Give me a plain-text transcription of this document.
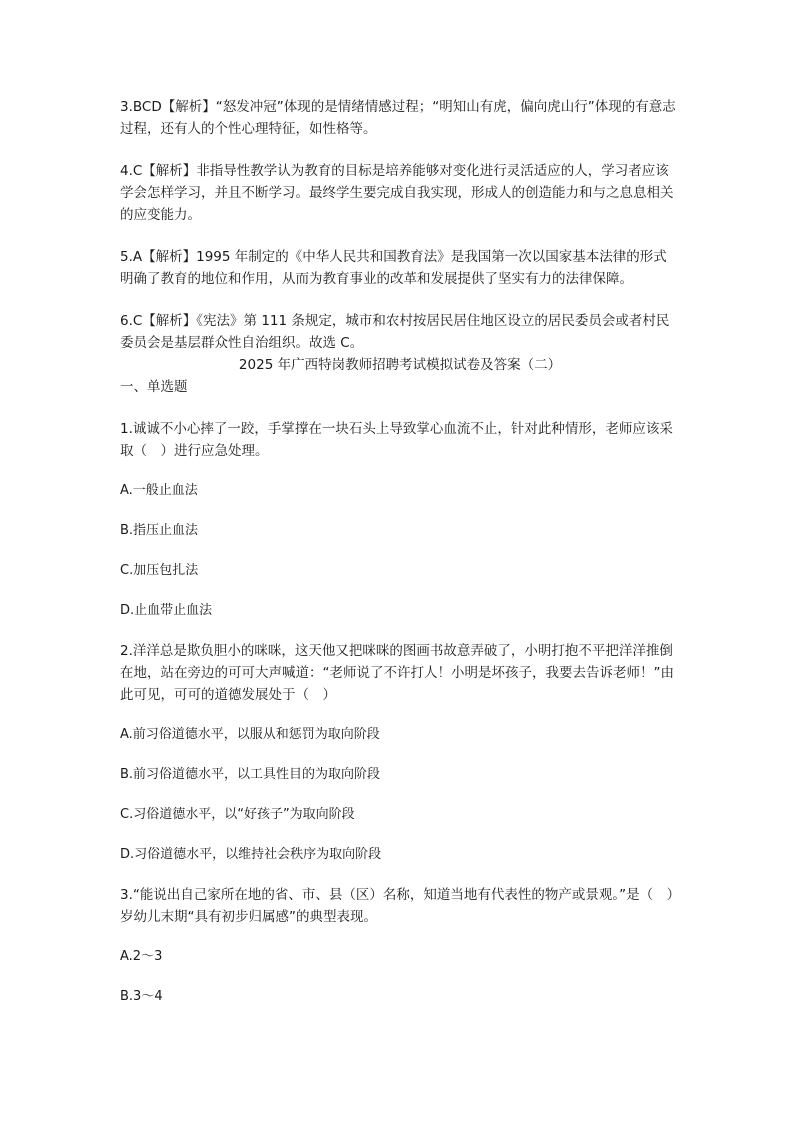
3.BCD【解析】“怒发冲冠”体现的是情绪情感过程；“明知山有虎，偏向虎山行”体现的有意志过程，还有人的个性心理特征，如性格等。

4.C【解析】非指导性教学认为教育的目标是培养能够对变化进行灵活适应的人，学习者应该学会怎样学习，并且不断学习。最终学生要完成自我实现，形成人的创造能力和与之息息相关的应变能力。

5.A【解析】1995 年制定的《中华人民共和国教育法》是我国第一次以国家基本法律的形式明确了教育的地位和作用，从而为教育事业的改革和发展提供了坚实有力的法律保障。

6.C【解析】《宪法》第 111 条规定，城市和农村按居民居住地区设立的居民委员会或者村民委员会是基层群众性自治组织。故选 C。

2025 年广西特岗教师招聘考试模拟试卷及答案（二）

一、单选题

1.诚诚不小心摔了一跤，手掌撑在一块石头上导致掌心血流不止，针对此种情形，老师应该采取（　）进行应急处理。

A.一般止血法

B.指压止血法

C.加压包扎法

D.止血带止血法

2.洋洋总是欺负胆小的咪咪，这天他又把咪咪的图画书故意弄破了，小明打抱不平把洋洋推倒在地，站在旁边的可可大声喊道：“老师说了不许打人！小明是坏孩子，我要去告诉老师！”由此可见，可可的道德发展处于（　）

A.前习俗道德水平，以服从和惩罚为取向阶段

B.前习俗道德水平，以工具性目的为取向阶段

C.习俗道德水平，以“好孩子”为取向阶段

D.习俗道德水平，以维持社会秩序为取向阶段

3.“能说出自己家所在地的省、市、县（区）名称，知道当地有代表性的物产或景观。”是（　）岁幼儿末期“具有初步归属感”的典型表现。

A.2～3

B.3～4
